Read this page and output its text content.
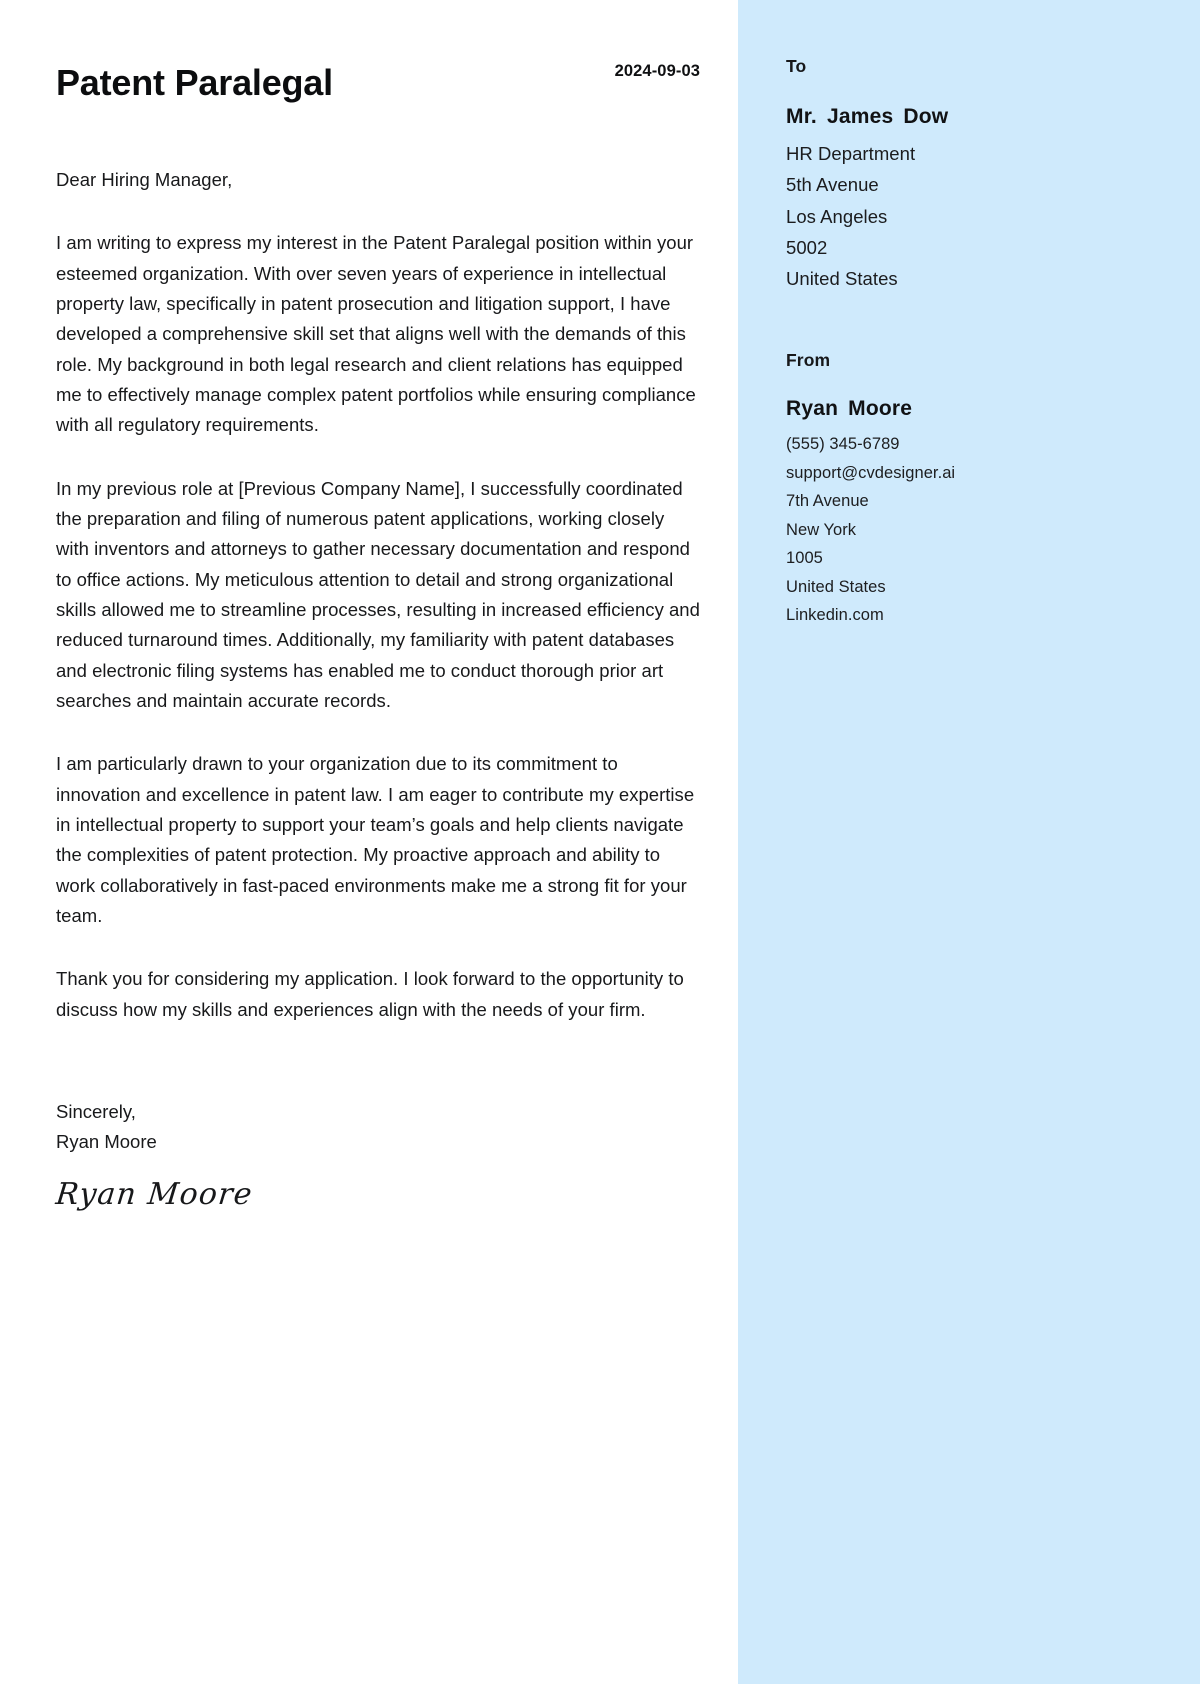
Patent Paralegal	2024-09-03
Dear Hiring Manager,

I am writing to express my interest in the Patent Paralegal position within your esteemed organization. With over seven years of experience in intellectual property law, specifically in patent prosecution and litigation support, I have developed a comprehensive skill set that aligns well with the demands of this role. My background in both legal research and client relations has equipped me to effectively manage complex patent portfolios while ensuring compliance with all regulatory requirements.

In my previous role at [Previous Company Name], I successfully coordinated the preparation and filing of numerous patent applications, working closely with inventors and attorneys to gather necessary documentation and respond to office actions. My meticulous attention to detail and strong organizational skills allowed me to streamline processes, resulting in increased efficiency and reduced turnaround times. Additionally, my familiarity with patent databases and electronic filing systems has enabled me to conduct thorough prior art searches and maintain accurate records.

I am particularly drawn to your organization due to its commitment to innovation and excellence in patent law. I am eager to contribute my expertise in intellectual property to support your team’s goals and help clients navigate the complexities of patent protection. My proactive approach and ability to work collaboratively in fast-paced environments make me a strong fit for your team.

Thank you for considering my application. I look forward to the opportunity to discuss how my skills and experiences align with the needs of your firm.

Sincerely,
Ryan Moore
Ryan Moore
To
Mr. James Dow
HR Department
5th Avenue
Los Angeles
5002
United States
From
Ryan Moore
(555) 345-6789
support@cvdesigner.ai
7th Avenue
New York
1005
United States
Linkedin.com
